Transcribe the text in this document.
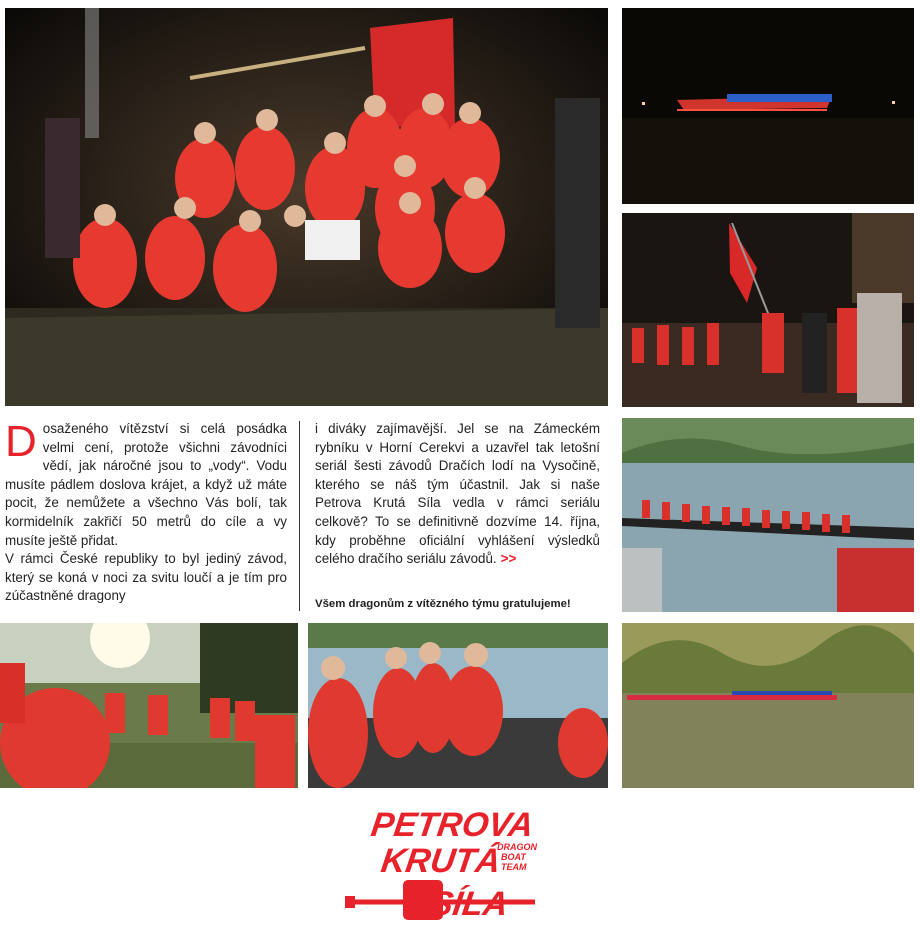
Dosaženého vítězství si celá posádka velmi cení, protože všichni závodníci vědí, jak náročné jsou to „vody“. Vodu musíte pádlem doslova krájet, a když už máte pocit, že nemůžete a všechno Vás bolí, tak kormidelník zakřičí 50 metrů do cíle a vy musíte ještě přidat.
V rámci České republiky to byl jediný závod, který se koná v noci za svitu loučí a je tím pro zúčastněné dragony
i diváky zajímavější. Jel se na Zámeckém rybníku v Horní Cerekvi a uzavřel tak letošní seriál šesti závodů Dračích lodí na Vysočině, kterého se náš tým účastnil. Jak si naše Petrova Krutá Síla vedla v rámci seriálu celkově? To se definitivně dozvíme 14. října, kdy proběhne oficiální vyhlášení výsledků celého dračího seriálu závodů. >>
Všem dragonům z vítězného týmu gratulujeme!
PETROVA
KRUTÁ
DRAGON
BOAT
TEAM
SÍLA
